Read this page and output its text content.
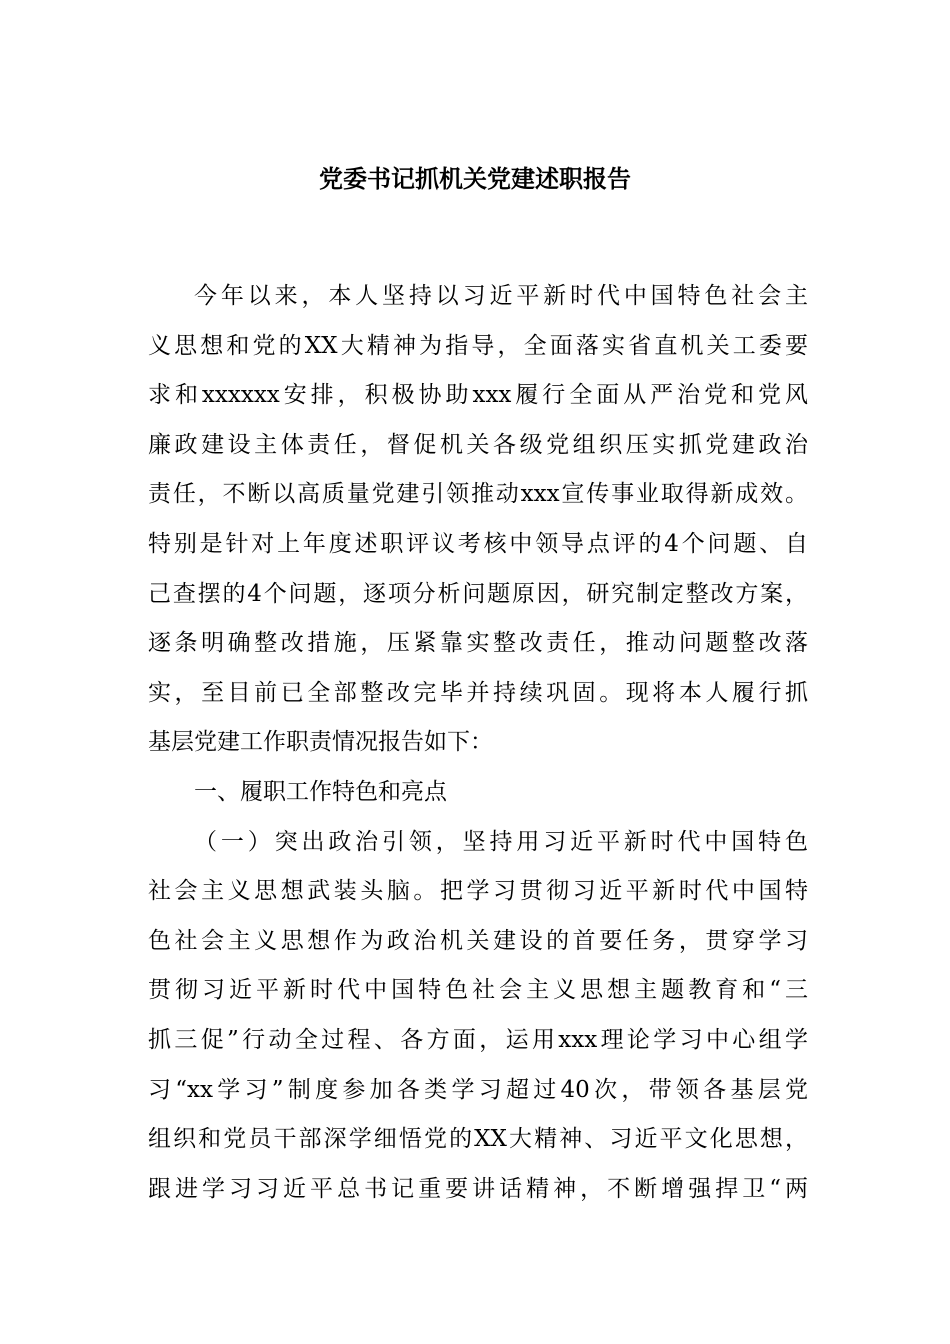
党委书记抓机关党建述职报告
今年以来，本人坚持以习近平新时代中国特色社会主
义思想和党的XX大精神为指导，全面落实省直机关工委要
求和xxxxxx安排，积极协助xxx履行全面从严治党和党风
廉政建设主体责任，督促机关各级党组织压实抓党建政治
责任，不断以高质量党建引领推动xxx宣传事业取得新成效。
特别是针对上年度述职评议考核中领导点评的4个问题、自
己查摆的4个问题，逐项分析问题原因，研究制定整改方案，
逐条明确整改措施，压紧靠实整改责任，推动问题整改落
实，至目前已全部整改完毕并持续巩固。现将本人履行抓
基层党建工作职责情况报告如下：
一、履职工作特色和亮点
（一）突出政治引领，坚持用习近平新时代中国特色
社会主义思想武装头脑。把学习贯彻习近平新时代中国特
色社会主义思想作为政治机关建设的首要任务，贯穿学习
贯彻习近平新时代中国特色社会主义思想主题教育和“三
抓三促”行动全过程、各方面，运用xxx理论学习中心组学
习“xx学习”制度参加各类学习超过40次，带领各基层党
组织和党员干部深学细悟党的XX大精神、习近平文化思想，
跟进学习习近平总书记重要讲话精神，不断增强捍卫“两
